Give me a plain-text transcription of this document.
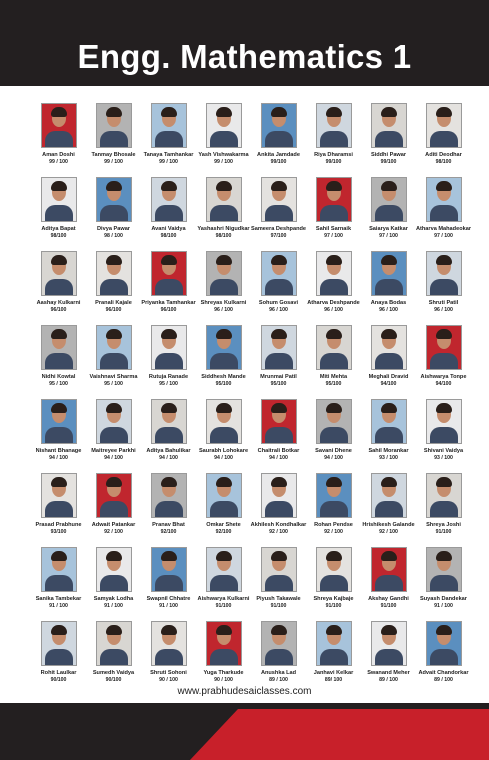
Engg. Mathematics 1
Aman Doshi
99 / 100
Tanmay Bhosale
99 / 100
Tanaya Tamhankar
99 / 100
Yash Vishwakarma
99 / 100
Ankita Jamdade
99/100
Riya Dharamsi
99/100
Siddhi Pawar
99/100
Aditi Deodhar
98/100
Aditya Bapat
98/100
Divya Pawar
98 / 100
Avani Vaidya
98/100
Yashashri Nigudkar
98/100
Sameera Deshpande
97/100
Sahil Sarnaik
97 / 100
Saiarya Katkar
97 / 100
Atharva Mahadeokar
97 / 100
Aashay Kulkarni
96/100
Pranali Kajale
96/100
Priyanka Tamhankar
96/100
Shreyas Kulkarni
96 / 100
Sohum Gosavi
96 / 100
Atharva Deshpande
96 / 100
Anaya Bodas
96 / 100
Shruti Patil
96 / 100
Nidhi Kowtal
95 / 100
Vaishnavi Sharma
95 / 100
Rutuja Ranade
95 / 100
Siddhesh Mande
95/100
Mrunmai Patil
95/100
Miti Mehta
95/100
Meghali Dravid
94/100
Aishwarya Tonpe
94/100
Nishant Bhanage
94 / 100
Maitreyee Parkhi
94 / 100
Aditya Bahulikar
94 / 100
Saurabh Lohokare
94 / 100
Chaitrali Botkar
94 / 100
Savani Dhene
94 / 100
Sahil Morankar
93 / 100
Shivani Vaidya
93 / 100
Prasad Prabhune
93/100
Adwait Patankar
92 / 100
Pranav Bhat
92/100
Omkar Shete
92/100
Akhilesh Kondhalkar
92 / 100
Rohan Pendse
92 / 100
Hrishikesh Galande
92 / 100
Shreya Joshi
91/100
Sanika Tambekar
91 / 100
Samyak Lodha
91 / 100
Swapnil Chhatre
91 / 100
Aishwarya Kulkarni
91/100
Piyush Takawale
91/100
Shreya Kajbaje
91/100
Akshay Gandhi
91/100
Suyash Dandekar
91 / 100
Rohit Laulkar
90/100
Sumedh Vaidya
90/100
Shruti Sohoni
90 / 100
Yuga Tharkude
90 / 100
Anushka Lad
89 / 100
Janhavi Kelkar
89/ 100
Swanand Meher
89 / 100
Advait Chandorkar
89 / 100
www.prabhudesaiclasses.com
